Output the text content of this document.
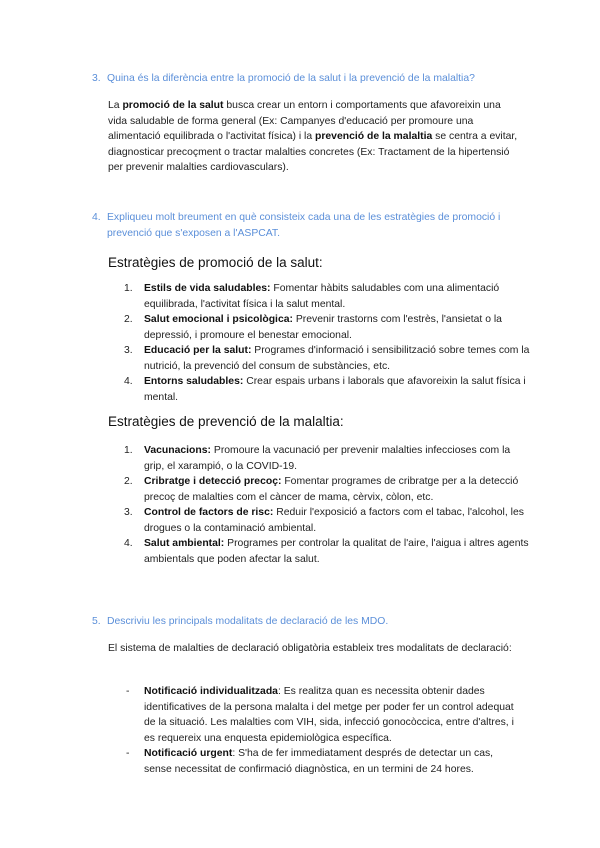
3. Quina és la diferència entre la promoció de la salut i la prevenció de la malaltia?
La promoció de la salut busca crear un entorn i comportaments que afavoreixin una vida saludable de forma general (Ex: Campanyes d'educació per promoure una alimentació equilibrada o l'activitat física) i la prevenció de la malaltia se centra a evitar, diagnosticar precoçment o tractar malalties concretes (Ex: Tractament de la hipertensió per prevenir malalties cardiovasculars).
4. Expliqueu molt breument en què consisteix cada una de les estratègies de promoció i prevenció que s'exposen a l'ASPCAT.
Estratègies de promoció de la salut:
1. Estils de vida saludables: Fomentar hàbits saludables com una alimentació equilibrada, l'activitat física i la salut mental.
2. Salut emocional i psicològica: Prevenir trastorns com l'estrès, l'ansietat o la depressió, i promoure el benestar emocional.
3. Educació per la salut: Programes d'informació i sensibilització sobre temes com la nutrició, la prevenció del consum de substàncies, etc.
4. Entorns saludables: Crear espais urbans i laborals que afavoreixin la salut física i mental.
Estratègies de prevenció de la malaltia:
1. Vacunacions: Promoure la vacunació per prevenir malalties infeccioses com la grip, el xarampió, o la COVID-19.
2. Cribratge i detecció precoç: Fomentar programes de cribratge per a la detecció precoç de malalties com el càncer de mama, cèrvix, còlon, etc.
3. Control de factors de risc: Reduir l'exposició a factors com el tabac, l'alcohol, les drogues o la contaminació ambiental.
4. Salut ambiental: Programes per controlar la qualitat de l'aire, l'aigua i altres agents ambientals que poden afectar la salut.
5. Descriviu les principals modalitats de declaració de les MDO.
El sistema de malalties de declaració obligatòria estableix tres modalitats de declaració:
- Notificació individualitzada: Es realitza quan es necessita obtenir dades identificatives de la persona malalta i del metge per poder fer un control adequat de la situació. Les malalties com VIH, sida, infecció gonocòccica, entre d'altres, i es requereix una enquesta epidemiològica específica.
- Notificació urgent: S'ha de fer immediatament després de detectar un cas, sense necessitat de confirmació diagnòstica, en un termini de 24 hores.
